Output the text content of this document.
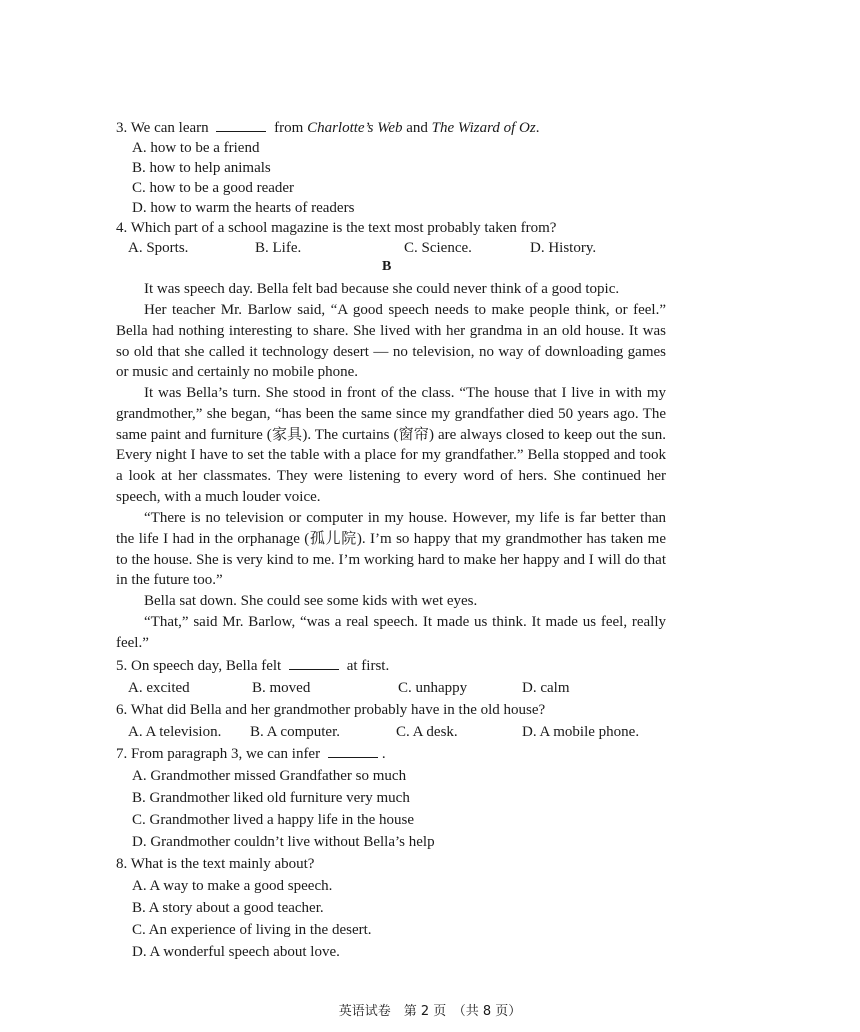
3. We can learn	from Charlotte’s Web and The Wizard of Oz.
A. how to be a friend
B. how to help animals
C. how to be a good reader
D. how to warm the hearts of readers
4. Which part of a school magazine is the text most probably taken from?
A. Sports.	B. Life.	C. Science.	D. History.
B
It was speech day. Bella felt bad because she could never think of a good topic.
Her teacher Mr. Barlow said, “A good speech needs to make people think, or feel.” Bella had nothing interesting to share. She lived with her grandma in an old house. It was so old that she called it technology desert — no television, no way of downloading games or music and certainly no mobile phone.
It was Bella’s turn. She stood in front of the class. “The house that I live in with my grandmother,” she began, “has been the same since my grandfather died 50 years ago. The same paint and furniture (家具). The curtains (窗帘) are always closed to keep out the sun. Every night I have to set the table with a place for my grandfather.” Bella stopped and took a look at her classmates. They were listening to every word of hers. She continued her speech, with a much louder voice.
“There is no television or computer in my house. However, my life is far better than the life I had in the orphanage (孤儿院). I’m so happy that my grandmother has taken me to the house. She is very kind to me. I’m working hard to make her happy and I will do that in the future too.”
Bella sat down. She could see some kids with wet eyes.
“That,” said Mr. Barlow, “was a real speech. It made us think. It made us feel, really feel.”
5. On speech day, Bella felt	at first.
A. excited	B. moved	C. unhappy	D. calm
6. What did Bella and her grandmother probably have in the old house?
A. A television. B. A computer.	C. A desk.	D. A mobile phone.
7. From paragraph 3, we can infer	.
A. Grandmother missed Grandfather so much
B. Grandmother liked old furniture very much
C. Grandmother lived a happy life in the house
D. Grandmother couldn’t live without Bella’s help
8. What is the text mainly about?
A. A way to make a good speech.
B. A story about a good teacher.
C. An experience of living in the desert.
D. A wonderful speech about love.
英语试卷　第 2 页　（共 8 页）
